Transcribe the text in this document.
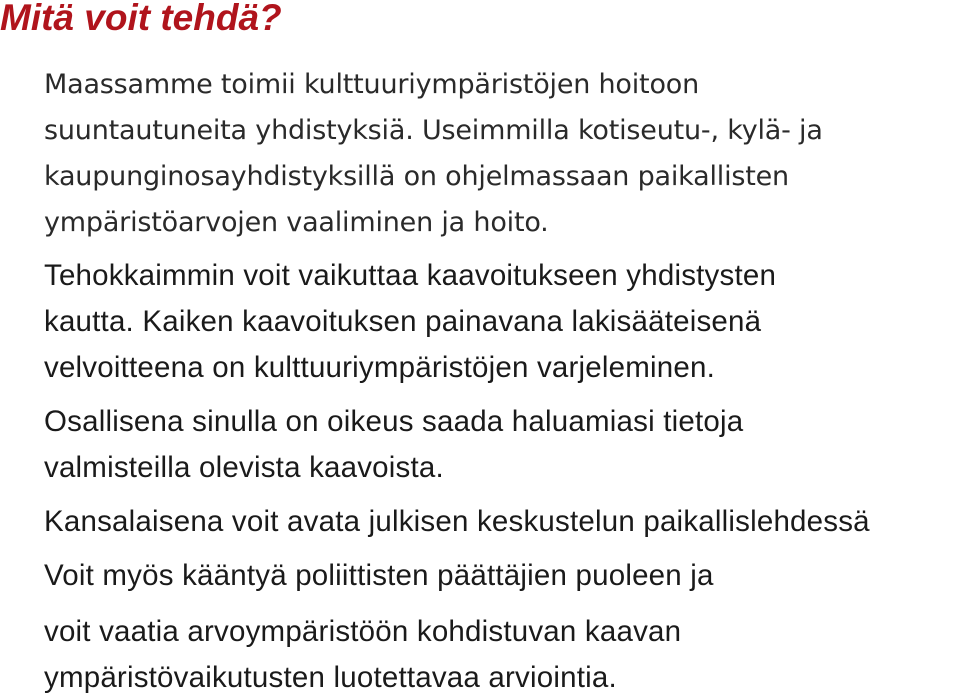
Mitä voit tehdä?
Maassamme toimii kulttuuriympäristöjen hoitoon
suuntautuneita yhdistyksiä. Useimmilla kotiseutu-, kylä- ja
kaupunginosayhdistyksillä on ohjelmassaan paikallisten
ympäristöarvojen vaaliminen ja hoito.
Tehokkaimmin voit vaikuttaa kaavoitukseen yhdistysten
kautta. Kaiken kaavoituksen painavana lakisääteisenä
velvoitteena on kulttuuriympäristöjen varjeleminen.
Osallisena sinulla on oikeus saada haluamiasi tietoja
valmisteilla olevista kaavoista.
Kansalaisena voit avata julkisen keskustelun paikallislehdessä
Voit myös kääntyä poliittisten päättäjien puoleen ja
voit vaatia arvoympäristöön kohdistuvan kaavan
ympäristövaikutusten luotettavaa arviointia.
